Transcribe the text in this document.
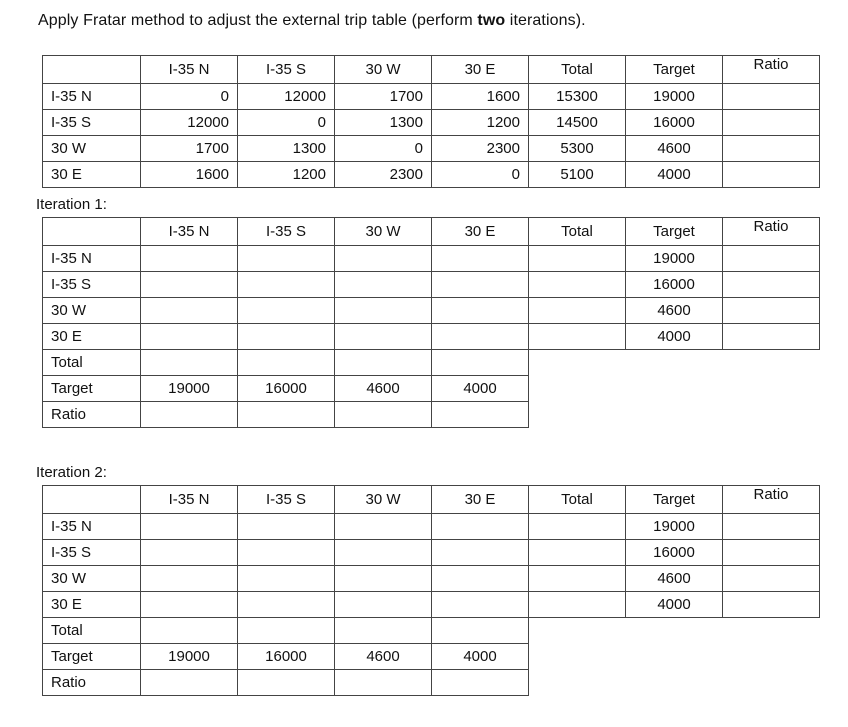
Apply Fratar method to adjust the external trip table (perform two iterations).
	I-35 N	I-35 S	30 W	30 E	Total	Target	Ratio
I-35 N	0	12000	1700	1600	15300	19000	
I-35 S	12000	0	1300	1200	14500	16000	
30 W	1700	1300	0	2300	5300	4600	
30 E	1600	1200	2300	0	5100	4000	
Iteration 1:
	I-35 N	I-35 S	30 W	30 E	Total	Target	Ratio
I-35 N						19000	
I-35 S						16000	
30 W						4600	
30 E						4000	
Total							
Target	19000	16000	4600	4000			
Ratio							
Iteration 2:
	I-35 N	I-35 S	30 W	30 E	Total	Target	Ratio
I-35 N						19000	
I-35 S						16000	
30 W						4600	
30 E						4000	
Total							
Target	19000	16000	4600	4000			
Ratio							
